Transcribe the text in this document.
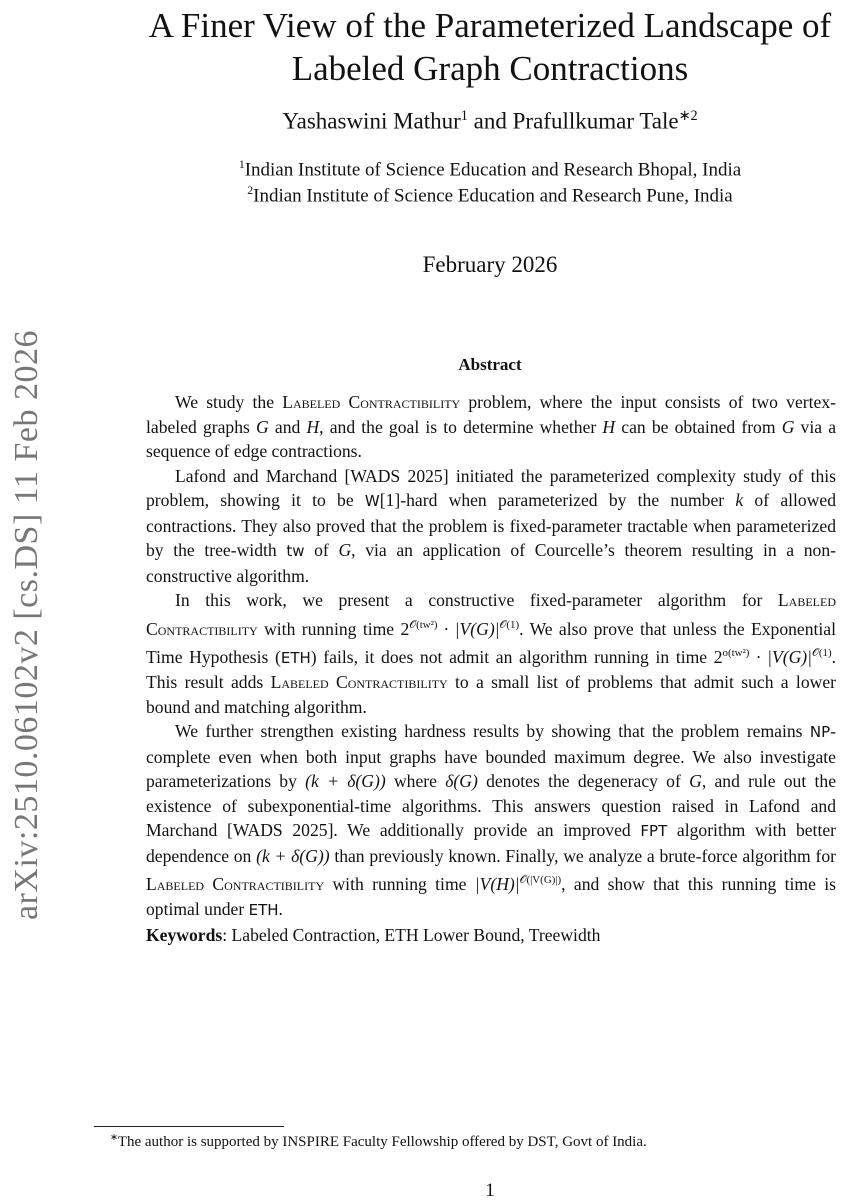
arXiv:2510.06102v2 [cs.DS] 11 Feb 2026
A Finer View of the Parameterized Landscape of
Labeled Graph Contractions
Yashaswini Mathur$^1$ and Prafullkumar Tale$^{∗2}$
$^1$Indian Institute of Science Education and Research Bhopal, India
$^2$Indian Institute of Science Education and Research Pune, India
February 2026
Abstract

We study the Labeled Contractibility problem, where the input consists of two vertex-labeled graphs G and H, and the goal is to determine whether H can be obtained from G via a sequence of edge contractions.

Lafond and Marchand [WADS 2025] initiated the parameterized complexity study of this problem, showing it to be W[1]-hard when parameterized by the number k of allowed contractions. They also proved that the problem is fixed-parameter tractable when parameterized by the tree-width tw of G, via an application of Courcelle’s theorem resulting in a non-constructive algorithm.

In this work, we present a constructive fixed-parameter algorithm for Labeled Contractibility with running time $2^{𝒪(tw^2)} \cdot |V(G)|^{𝒪(1)}$. We also prove that unless the Exponential Time Hypothesis (ETH) fails, it does not admit an algorithm running in time $2^{o(tw^2)} \cdot |V(G)|^{𝒪(1)}$. This result adds Labeled Contractibility to a small list of problems that admit such a lower bound and matching algorithm.

We further strengthen existing hardness results by showing that the problem remains NP-complete even when both input graphs have bounded maximum degree. We also investigate parameterizations by (k + δ(G)) where δ(G) denotes the degeneracy of G, and rule out the existence of subexponential-time algorithms. This answers question raised in Lafond and Marchand [WADS 2025]. We additionally provide an improved FPT algorithm with better dependence on (k + δ(G)) than previously known. Finally, we analyze a brute-force algorithm for Labeled Contractibility with running time $|V(H)|^{𝒪(|V(G)|)}$, and show that this running time is optimal under ETH.

Keywords: Labeled Contraction, ETH Lower Bound, Treewidth
∗The author is supported by INSPIRE Faculty Fellowship offered by DST, Govt of India.
1
